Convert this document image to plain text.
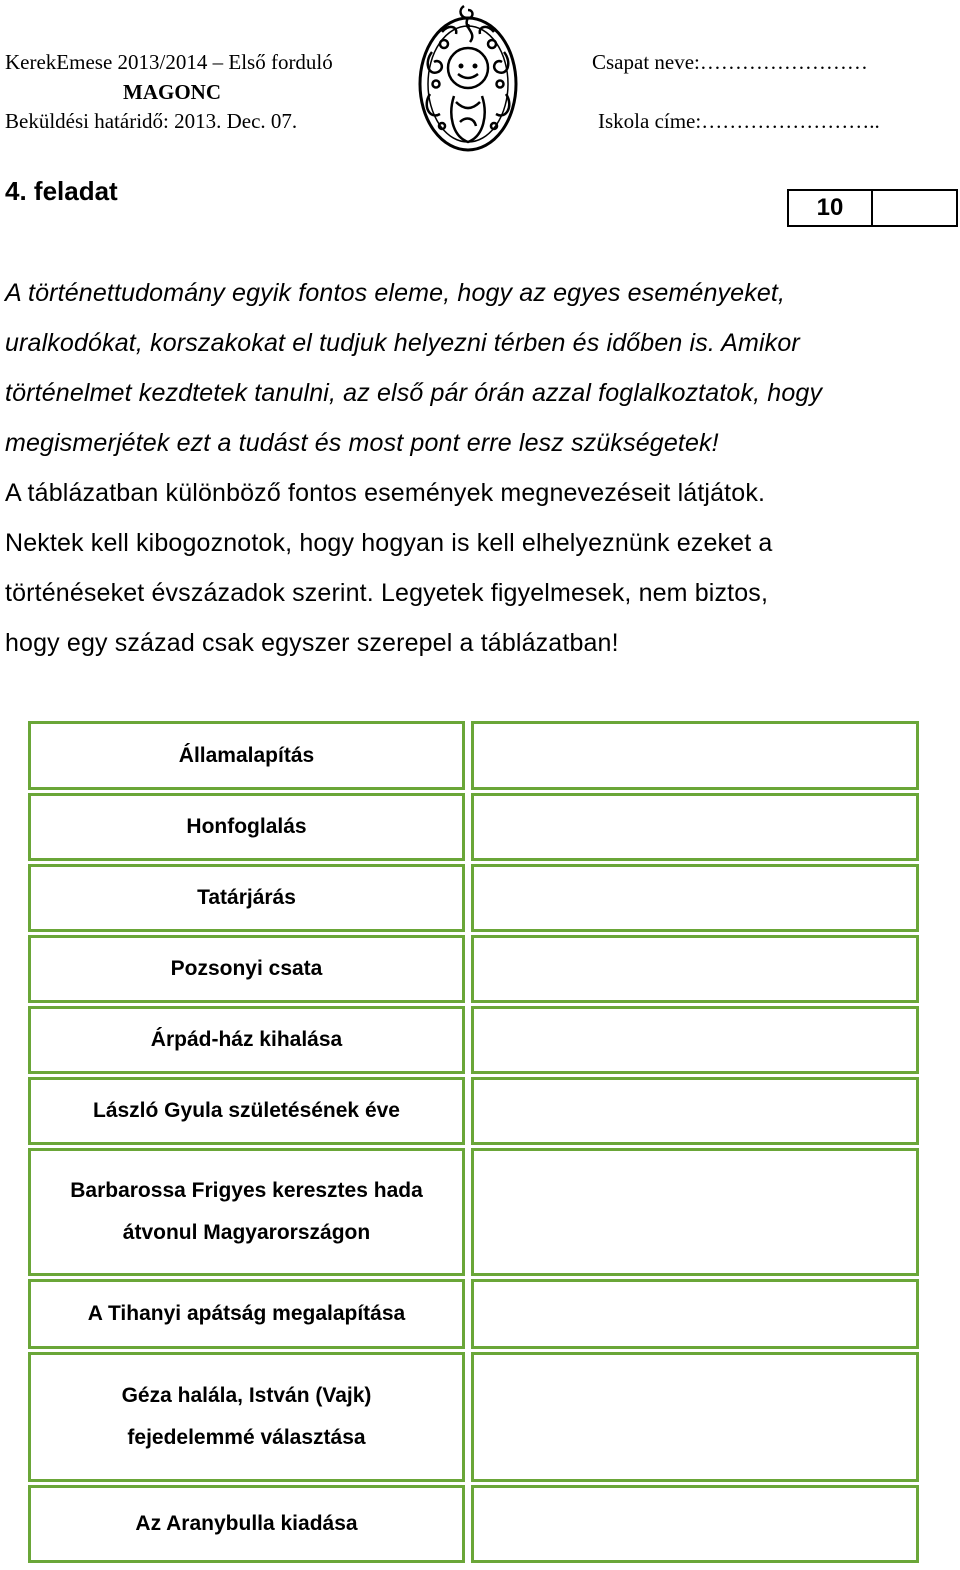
KerekEmese 2013/2014 – Első forduló
MAGONC
Beküldési határidő: 2013. Dec. 07.
Csapat neve:……………………
Iskola címe:……………………..
4. feladat
10
A történettudomány egyik fontos eleme, hogy az egyes eseményeket,
uralkodókat, korszakokat el tudjuk helyezni térben és időben is. Amikor
történelmet kezdtetek tanulni, az első pár órán azzal foglalkoztatok, hogy
megismerjétek ezt a tudást és most pont erre lesz szükségetek!
A táblázatban különböző fontos események megnevezéseit látjátok.
Nektek kell kibogoznotok, hogy hogyan is kell elhelyeznünk ezeket a
történéseket évszázadok szerint. Legyetek figyelmesek, nem biztos,
hogy egy század csak egyszer szerepel a táblázatban!
Államalapítás
Honfoglalás
Tatárjárás
Pozsonyi csata
Árpád-ház kihalása
László Gyula születésének éve
Barbarossa Frigyes keresztes hada
átvonul Magyarországon
A Tihanyi apátság megalapítása
Géza halála, István (Vajk)
fejedelemmé választása
Az Aranybulla kiadása
